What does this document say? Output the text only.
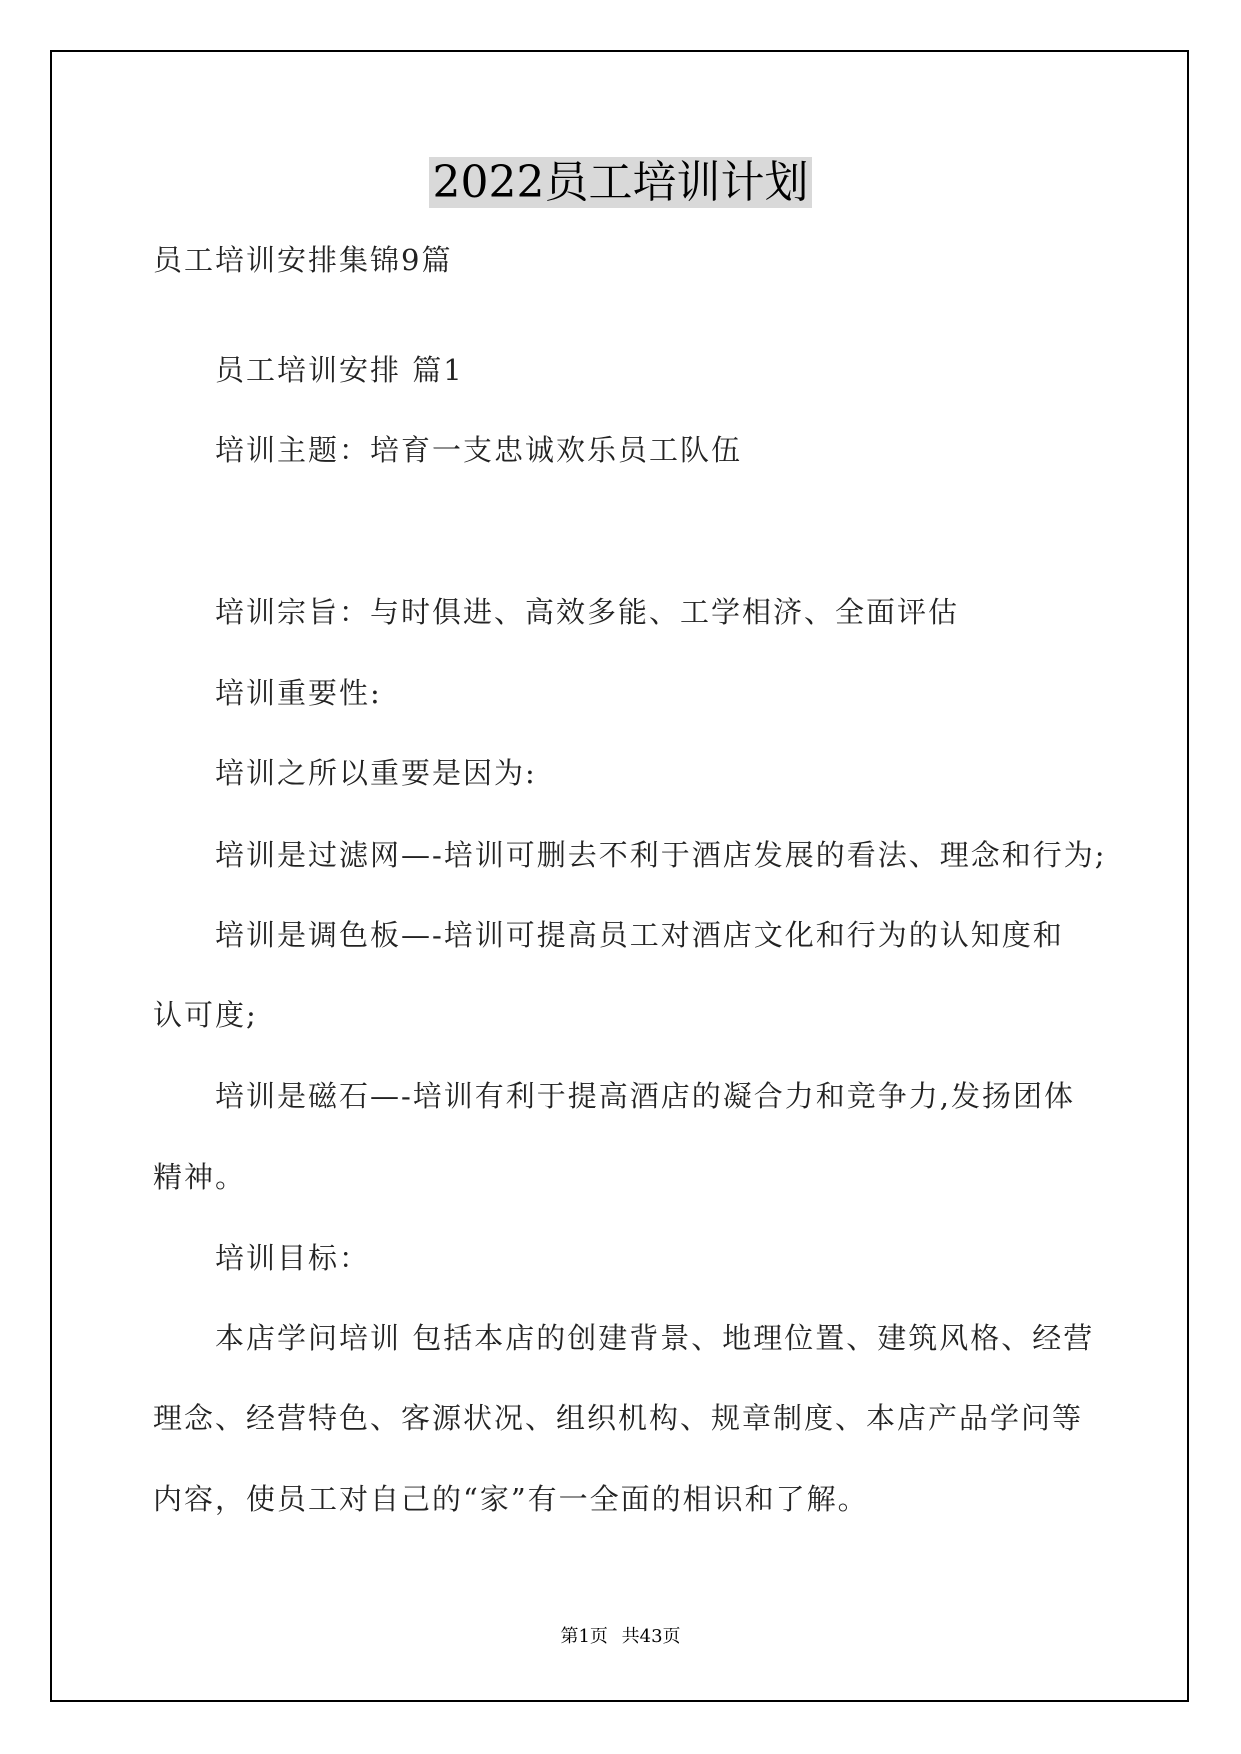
2022员工培训计划
员工培训安排集锦9篇
员工培训安排 篇1
培训主题：培育一支忠诚欢乐员工队伍
培训宗旨：与时俱进、高效多能、工学相济、全面评估
培训重要性:
培训之所以重要是因为:
培训是过滤网—-培训可删去不利于酒店发展的看法、理念和行为;
培训是调色板—-培训可提高员工对酒店文化和行为的认知度和
认可度;
培训是磁石—-培训有利于提高酒店的凝合力和竞争力,发扬团体
精神。
培训目标：
本店学问培训 包括本店的创建背景、地理位置、建筑风格、经营
理念、经营特色、客源状况、组织机构、规章制度、本店产品学问等
内容，使员工对自己的“家”有一全面的相识和了解。
第1页 共43页
